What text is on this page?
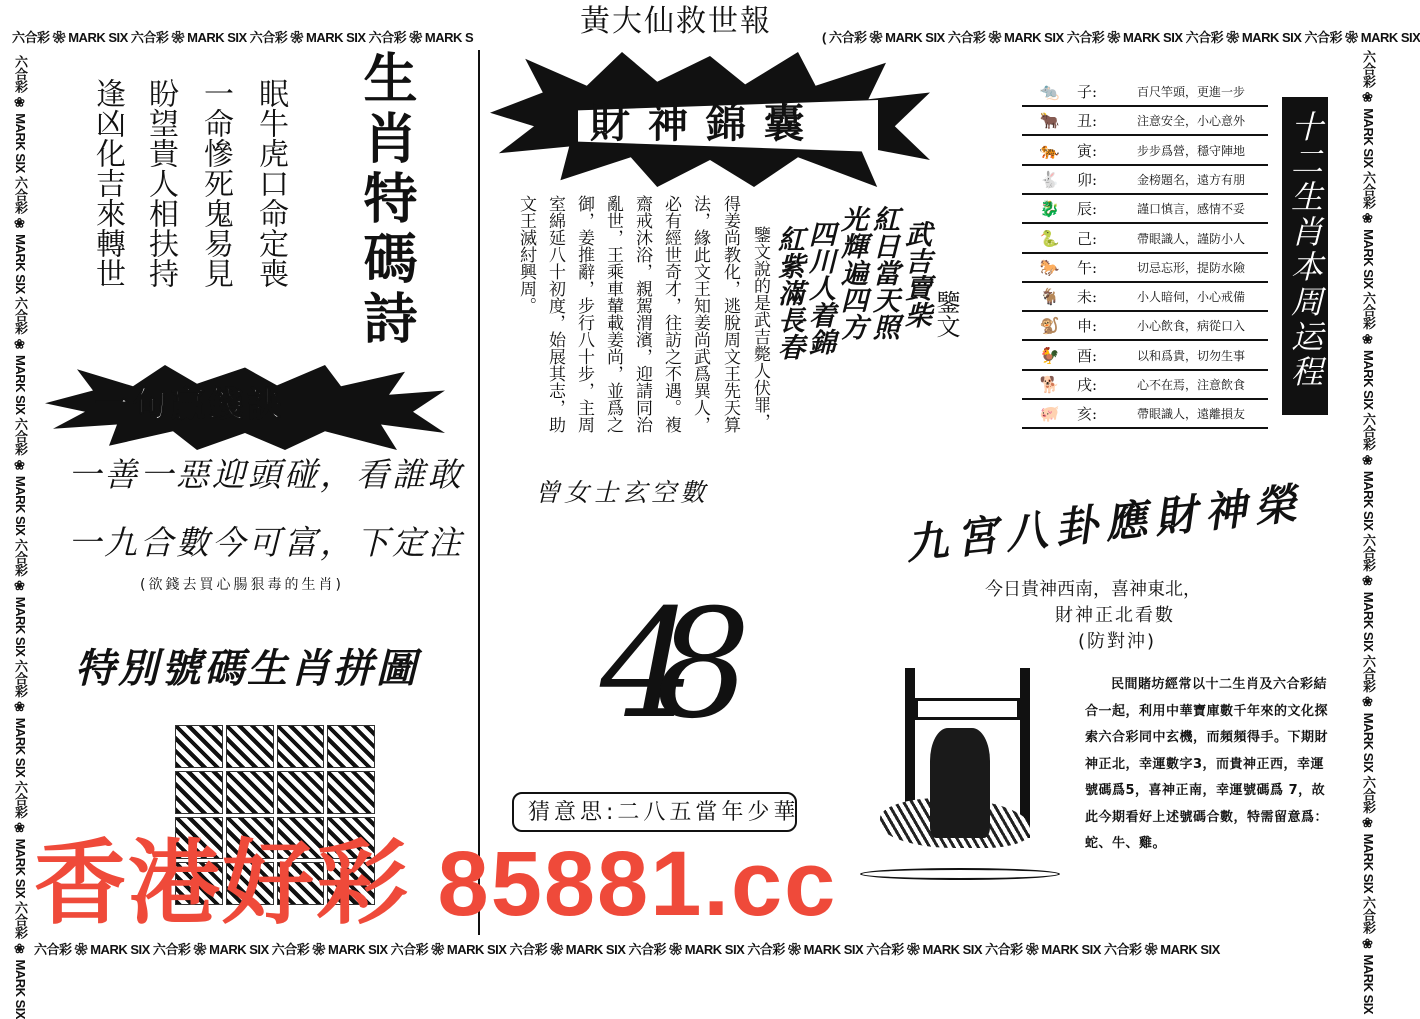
六合彩 ❀ MARK SIX 六合彩 ❀ MARK SIX 六合彩 ❀ MARK SIX 六合彩 ❀ MARK S	( 六合彩 ❀ MARK SIX 六合彩 ❀ MARK SIX 六合彩 ❀ MARK SIX 六合彩 ❀ MARK SIX 六合彩 ❀ MARK SIX
六合彩 ❀ MARK SIX 六合彩 ❀ MARK SIX 六合彩 ❀ MARK SIX 六合彩 ❀ MARK SIX 六合彩 ❀ MARK SIX 六合彩 ❀ MARK SIX 六合彩 ❀ MARK SIX 六合彩 ❀ MARK SIX 六合彩 ❀ MARK SIX 六合彩 ❀ MARK SIX
六合彩 ❀ MARK SIX 六合彩 ❀ MARK SIX 六合彩 ❀ MARK SIX 六合彩 ❀ MARK SIX 六合彩 ❀ MARK SIX 六合彩 ❀ MARK SIX 六合彩 ❀ MARK SIX 六合彩 ❀ MARK SIX	六合彩 ❀ MARK SIX 六合彩 ❀ MARK SIX 六合彩 ❀ MARK SIX 六合彩 ❀ MARK SIX 六合彩 ❀ MARK SIX 六合彩 ❀ MARK SIX 六合彩 ❀ MARK SIX 六合彩 ❀ MARK SIX
黃大仙救世報
生肖特碼詩
眠牛虎口命定喪
一命慘死鬼易見
盼望貴人相扶持
逢凶化吉來轉世
一句贏錢訣
一善一惡迎頭碰，看誰敢
一九合數今可富，下定注
(欲錢去買心腸狠毒的生肖)
特別號碼生肖拼圖
財神錦囊
鑒文
武吉賣柴
紅日當天照
光輝遍四方
四川人着錦
紅紫滿長春
鑒文說的是武吉斃人伏罪，
得姜尚教化，逃脫周文王先天算
法，緣此文王知姜尚武爲異人，
必有經世奇才，往訪之不遇。複
齋戒沐浴，親駕渭濱，迎請同治
亂世，王乘車輦載姜尚，並爲之
御，姜推辭，步行八十步，主周
室綿延八十初度，始展其志，助
文王滅紂興周。
曾女士玄空數
48
猜意思:二八五當年少華
🐀	子:	百尺竿頭，更進一步
🐂	丑:	注意安全，小心意外
🐅	寅:	步步爲營，穩守陣地
🐇	卯:	金榜題名，遠方有朋
🐉	辰:	謹口慎言，感情不妥
🐍	己:	帶眼識人，謹防小人
🐎	午:	切忌忘形，提防水險
🐐	未:	小人暗伺，小心戒備
🐒	申:	小心飲食，病從口入
🐓	酉:	以和爲貴，切勿生事
🐕	戌:	心不在焉，注意飲食
🐖	亥:	帶眼識人，遠離損友
十二生肖本周运程
九宮八卦應財神榮
今日貴神西南，喜神東北，
財神正北看數
(防對沖)
民間賭坊經常以十二生肖及六合彩結合一起，利用中華寶庫數千年來的文化探索六合彩同中玄機，而頻頻得手。下期財神正北，幸運數字3，而貴神正西，幸運號碼爲5，喜神正南，幸運號碼爲 7，故此今期看好上述號碼合數，特需留意爲：蛇、牛、雞。
香港好彩 85881.cc
